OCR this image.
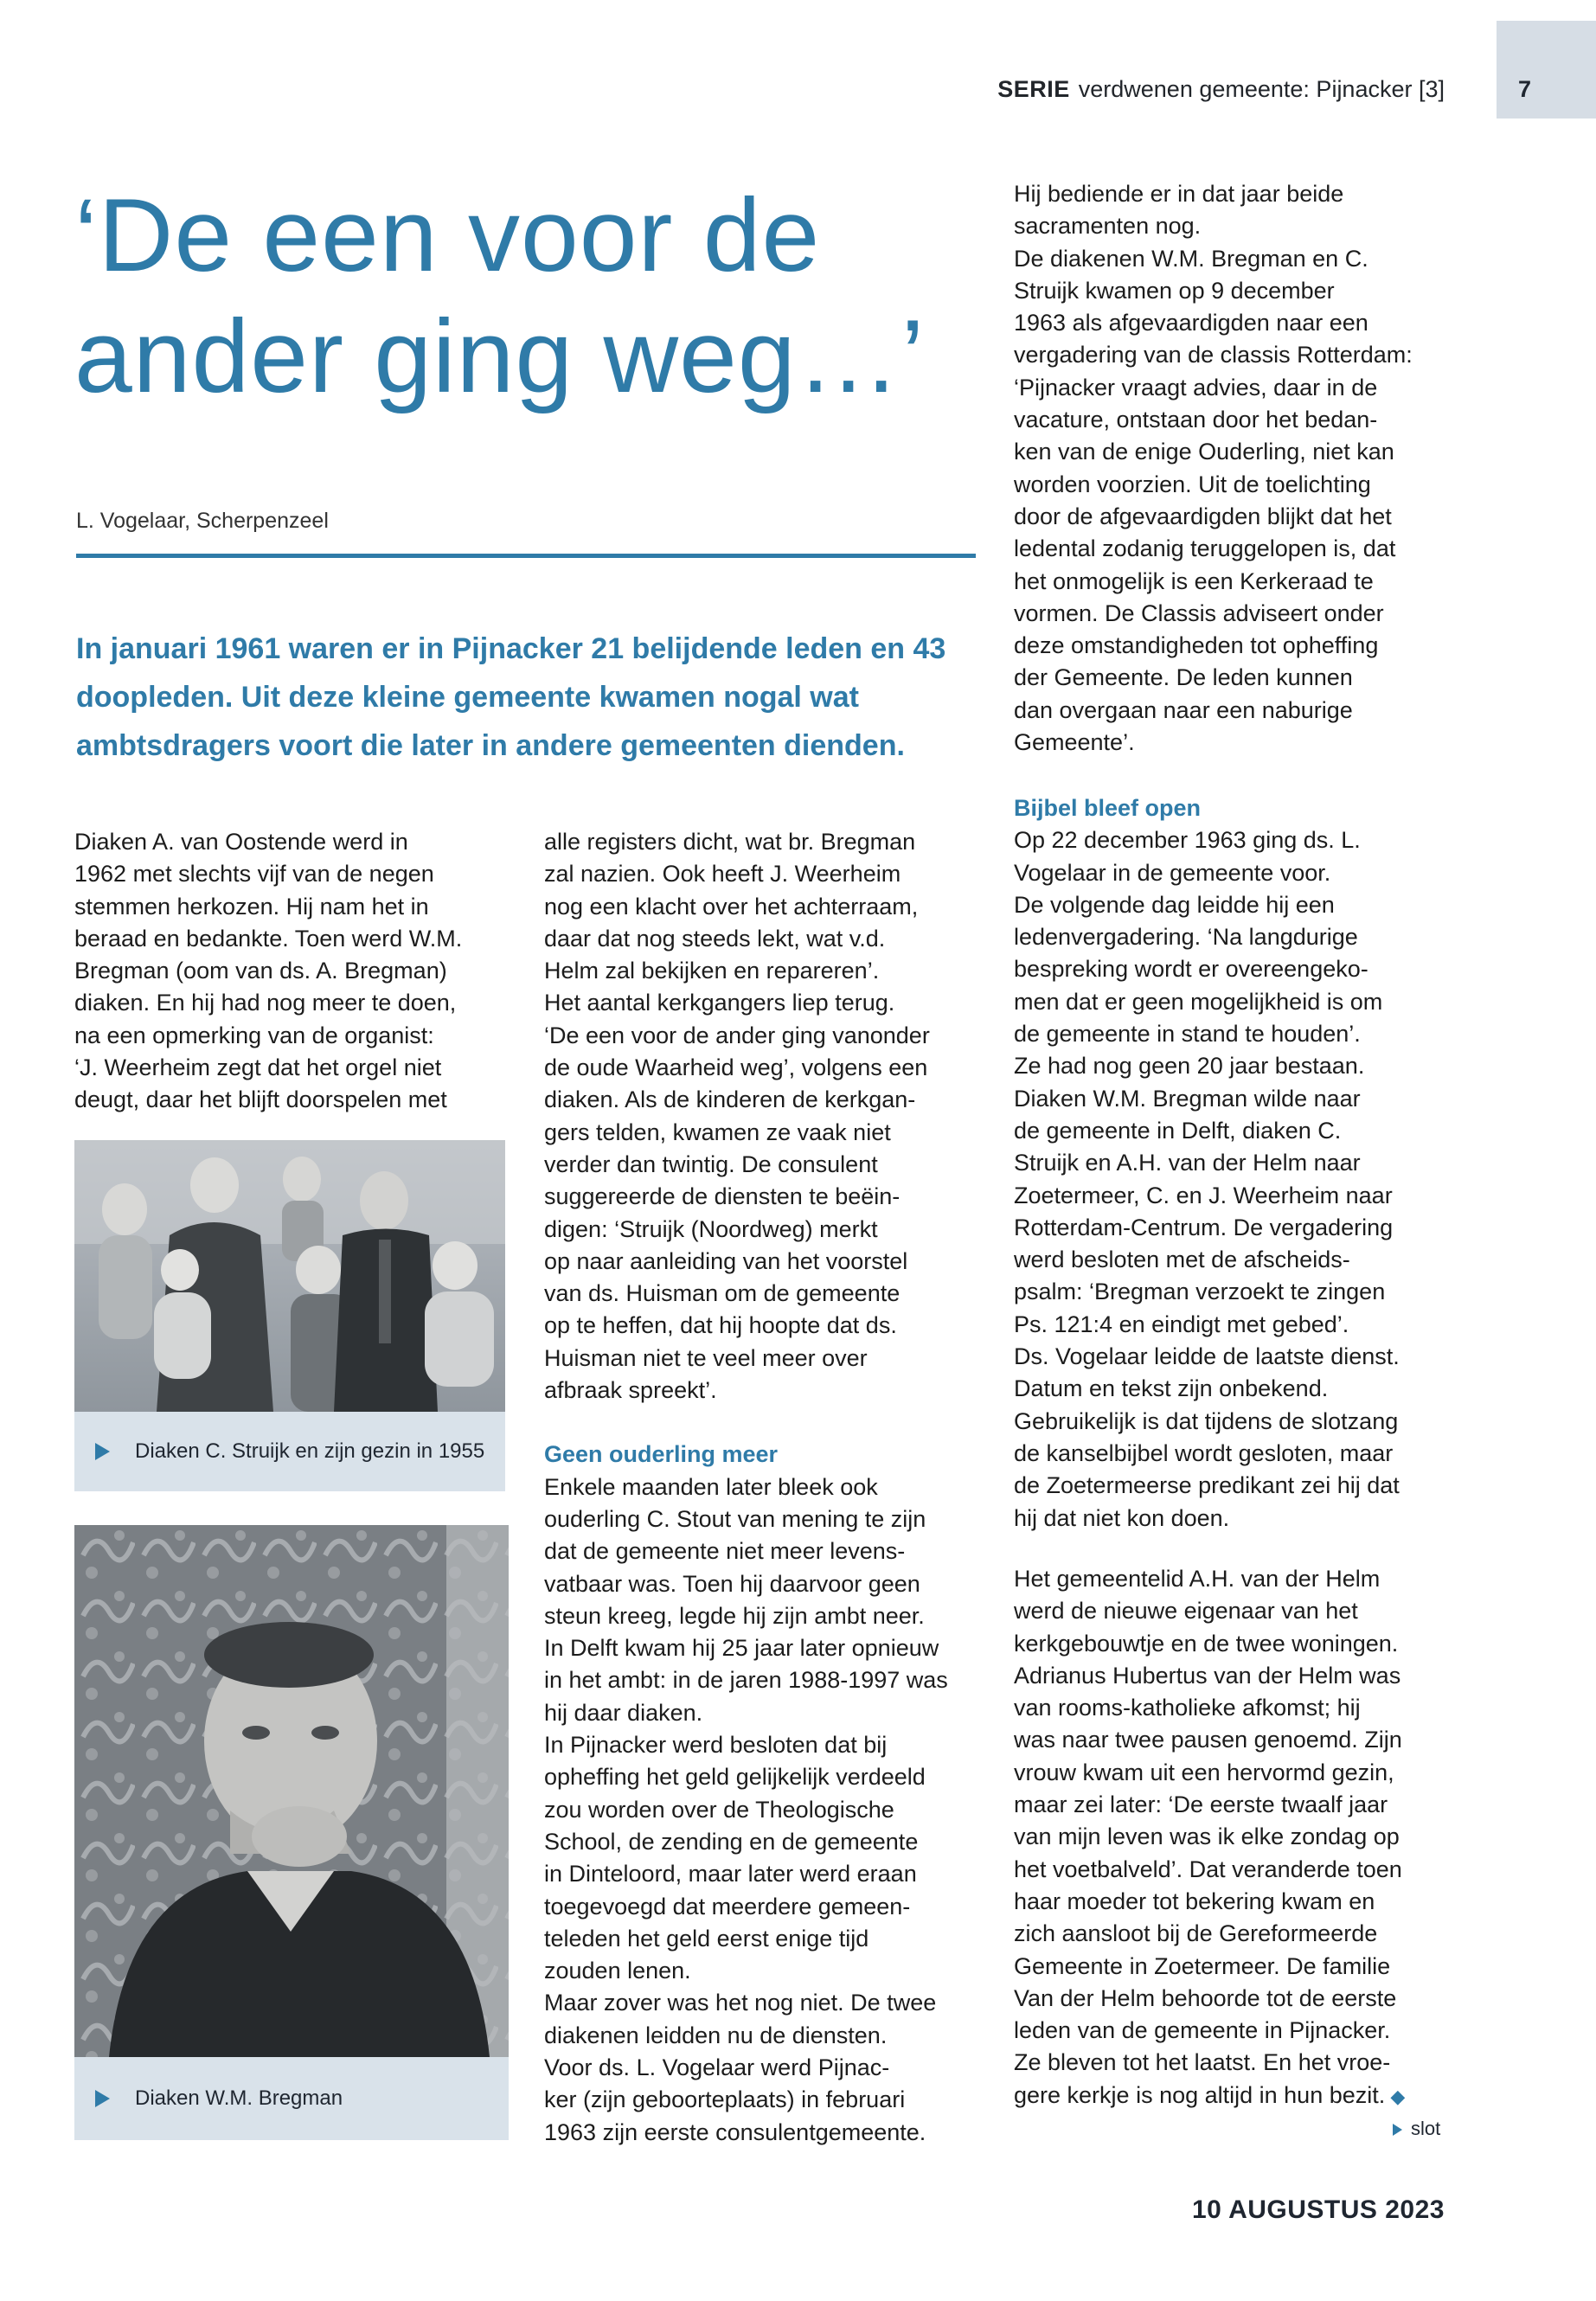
7
SERIE verdwenen gemeente: Pijnacker [3]
‘De een voor de
ander ging weg…’
L. Vogelaar, Scherpenzeel

In januari 1961 waren er in Pijnacker 21 belijdende leden en 43 doopleden. Uit deze kleine gemeente kwamen nogal wat ambtsdragers voort die later in andere gemeenten dienden.

Diaken A. van Oostende werd in
1962 met slechts vijf van de negen
stemmen herkozen. Hij nam het in
beraad en bedankte. Toen werd W.M.
Bregman (oom van ds. A. Bregman)
diaken. En hij had nog meer te doen,
na een opmerking van de organist:
‘J. Weerheim zegt dat het orgel niet
deugt, daar het blijft doorspelen met
Diaken C. Struijk en zijn gezin in 1955
Diaken W.M. Bregman
alle registers dicht, wat br. Bregman
zal nazien. Ook heeft J. Weerheim
nog een klacht over het achterraam,
daar dat nog steeds lekt, wat v.d.
Helm zal bekijken en repareren’.
Het aantal kerkgangers liep terug.
‘De een voor de ander ging vanonder
de oude Waarheid weg’, volgens een
diaken. Als de kinderen de kerkgan-
gers telden, kwamen ze vaak niet
verder dan twintig. De consulent
suggereerde de diensten te beëin-
digen: ‘Struijk (Noordweg) merkt
op naar aanleiding van het voorstel
van ds. Huisman om de gemeente
op te heffen, dat hij hoopte dat ds.
Huisman niet te veel meer over
afbraak spreekt’.
Geen ouderling meer
Enkele maanden later bleek ook
ouderling C. Stout van mening te zijn
dat de gemeente niet meer levens-
vatbaar was. Toen hij daarvoor geen
steun kreeg, legde hij zijn ambt neer.
In Delft kwam hij 25 jaar later opnieuw
in het ambt: in de jaren 1988-1997 was
hij daar diaken.
In Pijnacker werd besloten dat bij
opheffing het geld gelijkelijk verdeeld
zou worden over de Theologische
School, de zending en de gemeente
in Dinteloord, maar later werd eraan
toegevoegd dat meerdere gemeen-
teleden het geld eerst enige tijd
zouden lenen.
Maar zover was het nog niet. De twee
diakenen leidden nu de diensten.
Voor ds. L. Vogelaar werd Pijnac-
ker (zijn geboorteplaats) in februari
1963 zijn eerste consulentgemeente.
Hij bediende er in dat jaar beide
sacramenten nog.
De diakenen W.M. Bregman en C.
Struijk kwamen op 9 december
1963 als afgevaardigden naar een
vergadering van de classis Rotterdam:
‘Pijnacker vraagt advies, daar in de
vacature, ontstaan door het bedan-
ken van de enige Ouderling, niet kan
worden voorzien. Uit de toelichting
door de afgevaardigden blijkt dat het
ledental zodanig teruggelopen is, dat
het onmogelijk is een Kerkeraad te
vormen. De Classis adviseert onder
deze omstandigheden tot opheffing
der Gemeente. De leden kunnen
dan overgaan naar een naburige
Gemeente’.
Bijbel bleef open
Op 22 december 1963 ging ds. L.
Vogelaar in de gemeente voor.
De volgende dag leidde hij een
ledenvergadering. ‘Na langdurige
bespreking wordt er overeengeko-
men dat er geen mogelijkheid is om
de gemeente in stand te houden’.
Ze had nog geen 20 jaar bestaan.
Diaken W.M. Bregman wilde naar
de gemeente in Delft, diaken C.
Struijk en A.H. van der Helm naar
Zoetermeer, C. en J. Weerheim naar
Rotterdam-Centrum. De vergadering
werd besloten met de afscheids-
psalm: ‘Bregman verzoekt te zingen
Ps. 121:4 en eindigt met gebed’.
Ds. Vogelaar leidde de laatste dienst.
Datum en tekst zijn onbekend.
Gebruikelijk is dat tijdens de slotzang
de kanselbijbel wordt gesloten, maar
de Zoetermeerse predikant zei hij dat
hij dat niet kon doen.
Het gemeentelid A.H. van der Helm
werd de nieuwe eigenaar van het
kerkgebouwtje en de twee woningen.
Adrianus Hubertus van der Helm was
van rooms-katholieke afkomst; hij
was naar twee pausen genoemd. Zijn
vrouw kwam uit een hervormd gezin,
maar zei later: ‘De eerste twaalf jaar
van mijn leven was ik elke zondag op
het voetbalveld’. Dat veranderde toen
haar moeder tot bekering kwam en
zich aansloot bij de Gereformeerde
Gemeente in Zoetermeer. De familie
Van der Helm behoorde tot de eerste
leden van de gemeente in Pijnacker.
Ze bleven tot het laatst. En het vroe-
gere kerkje is nog altijd in hun bezit. ◆
slot
10 AUGUSTUS 2023
